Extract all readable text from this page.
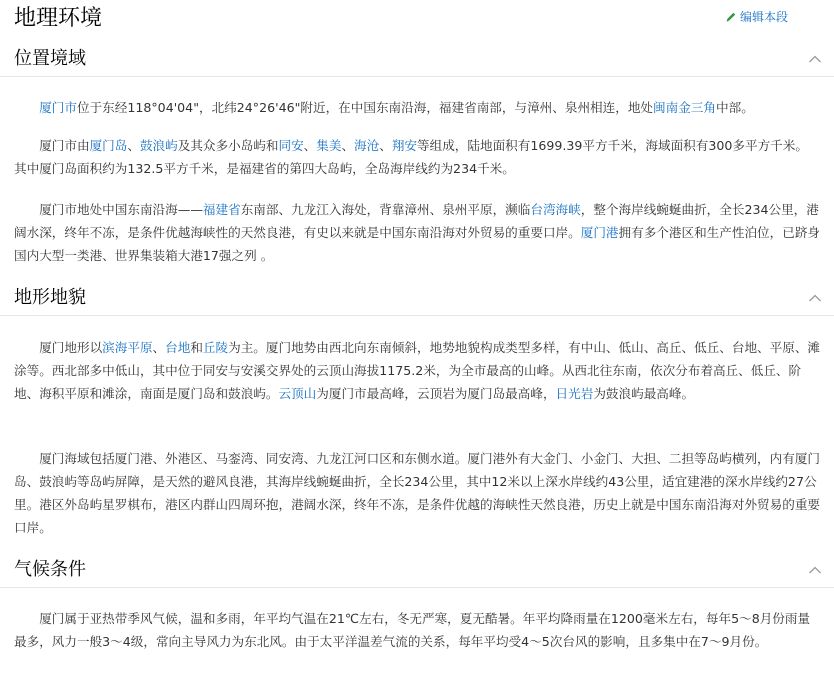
地理环境	编辑本段
位置境域

厦门市位于东经118°04'04"，北纬24°26'46"附近，在中国东南沿海，福建省南部，与漳州、泉州相连，地处闽南金三角中部。

厦门市由厦门岛、鼓浪屿及其众多小岛屿和同安、集美、海沧、翔安等组成，陆地面积有1699.39平方千米，海域面积有300多平方千米。其中厦门岛面积约为132.5平方千米，是福建省的第四大岛屿，全岛海岸线约为234千米。

厦门市地处中国东南沿海——福建省东南部、九龙江入海处，背靠漳州、泉州平原，濒临台湾海峡，整个海岸线蜿蜒曲折，全长234公里，港阔水深，终年不冻，是条件优越海峡性的天然良港，有史以来就是中国东南沿海对外贸易的重要口岸。厦门港拥有多个港区和生产性泊位，已跻身国内大型一类港、世界集装箱大港17强之列 。

地形地貌

厦门地形以滨海平原、台地和丘陵为主。厦门地势由西北向东南倾斜，地势地貌构成类型多样，有中山、低山、高丘、低丘、台地、平原、滩涂等。西北部多中低山，其中位于同安与安溪交界处的云顶山海拔1175.2米，为全市最高的山峰。从西北往东南，依次分布着高丘、低丘、阶地、海积平原和滩涂，南面是厦门岛和鼓浪屿。云顶山为厦门市最高峰，云顶岩为厦门岛最高峰，日光岩为鼓浪屿最高峰。

厦门海域包括厦门港、外港区、马銮湾、同安湾、九龙江河口区和东侧水道。厦门港外有大金门、小金门、大担、二担等岛屿横列，内有厦门岛、鼓浪屿等岛屿屏障，是天然的避风良港，其海岸线蜿蜒曲折，全长234公里，其中12米以上深水岸线约43公里，适宜建港的深水岸线约27公里。港区外岛屿星罗棋布，港区内群山四周环抱，港阔水深，终年不冻，是条件优越的海峡性天然良港，历史上就是中国东南沿海对外贸易的重要口岸。

气候条件

厦门属于亚热带季风气候，温和多雨，年平均气温在21℃左右，冬无严寒，夏无酷暑。年平均降雨量在1200毫米左右，每年5～8月份雨量最多，风力一般3～4级，常向主导风力为东北风。由于太平洋温差气流的关系，每年平均受4～5次台风的影响，且多集中在7～9月份。
